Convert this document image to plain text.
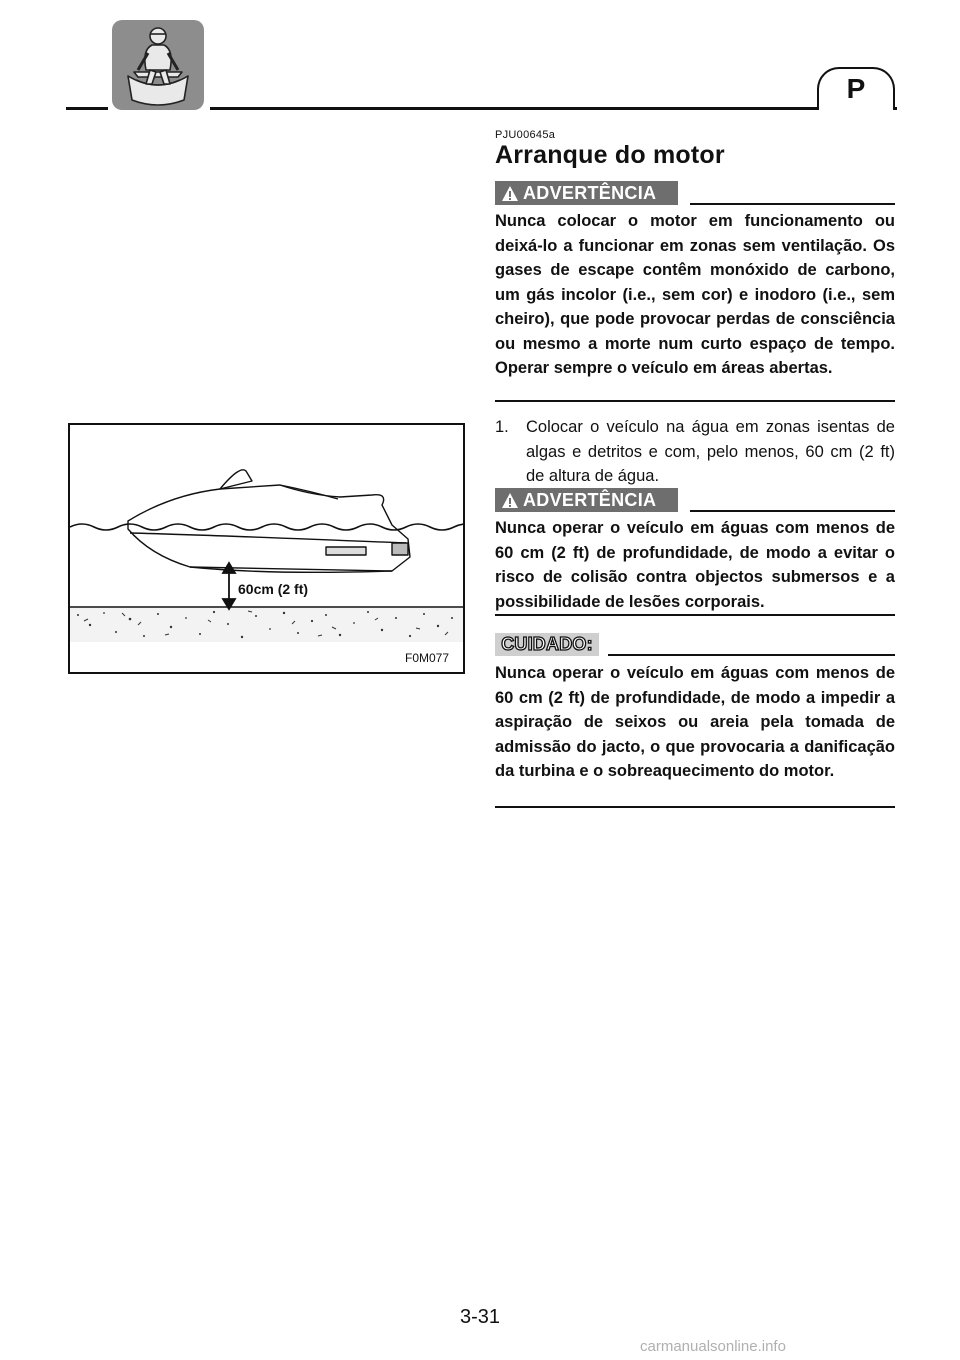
P
PJU00645a
Arranque do motor
ADVERTÊNCIA
Nunca colocar o motor em funcionamento ou deixá-lo a funcionar em zonas sem ventilação. Os gases de escape contêm monóxido de carbono, um gás incolor (i.e., sem cor) e inodoro (i.e., sem cheiro), que pode provocar perdas de consciência ou mesmo a morte num curto espaço de tempo. Operar sempre o veículo em áreas abertas.
1. Colocar o veículo na água em zonas isentas de algas e detritos e com, pelo menos, 60 cm (2 ft) de altura de água.
ADVERTÊNCIA
Nunca operar o veículo em águas com menos de 60 cm (2 ft) de profundidade, de modo a evitar o risco de colisão contra objectos submersos e a possibilidade de lesões corporais.
CUIDADO:
Nunca operar o veículo em águas com menos de 60 cm (2 ft) de profundidade, de modo a impedir a aspiração de seixos ou areia pela tomada de admissão do jacto, o que provocaria a danificação da turbina e o sobreaquecimento do motor.
60cm (2 ft)
F0M077
3-31
carmanualsonline.info
